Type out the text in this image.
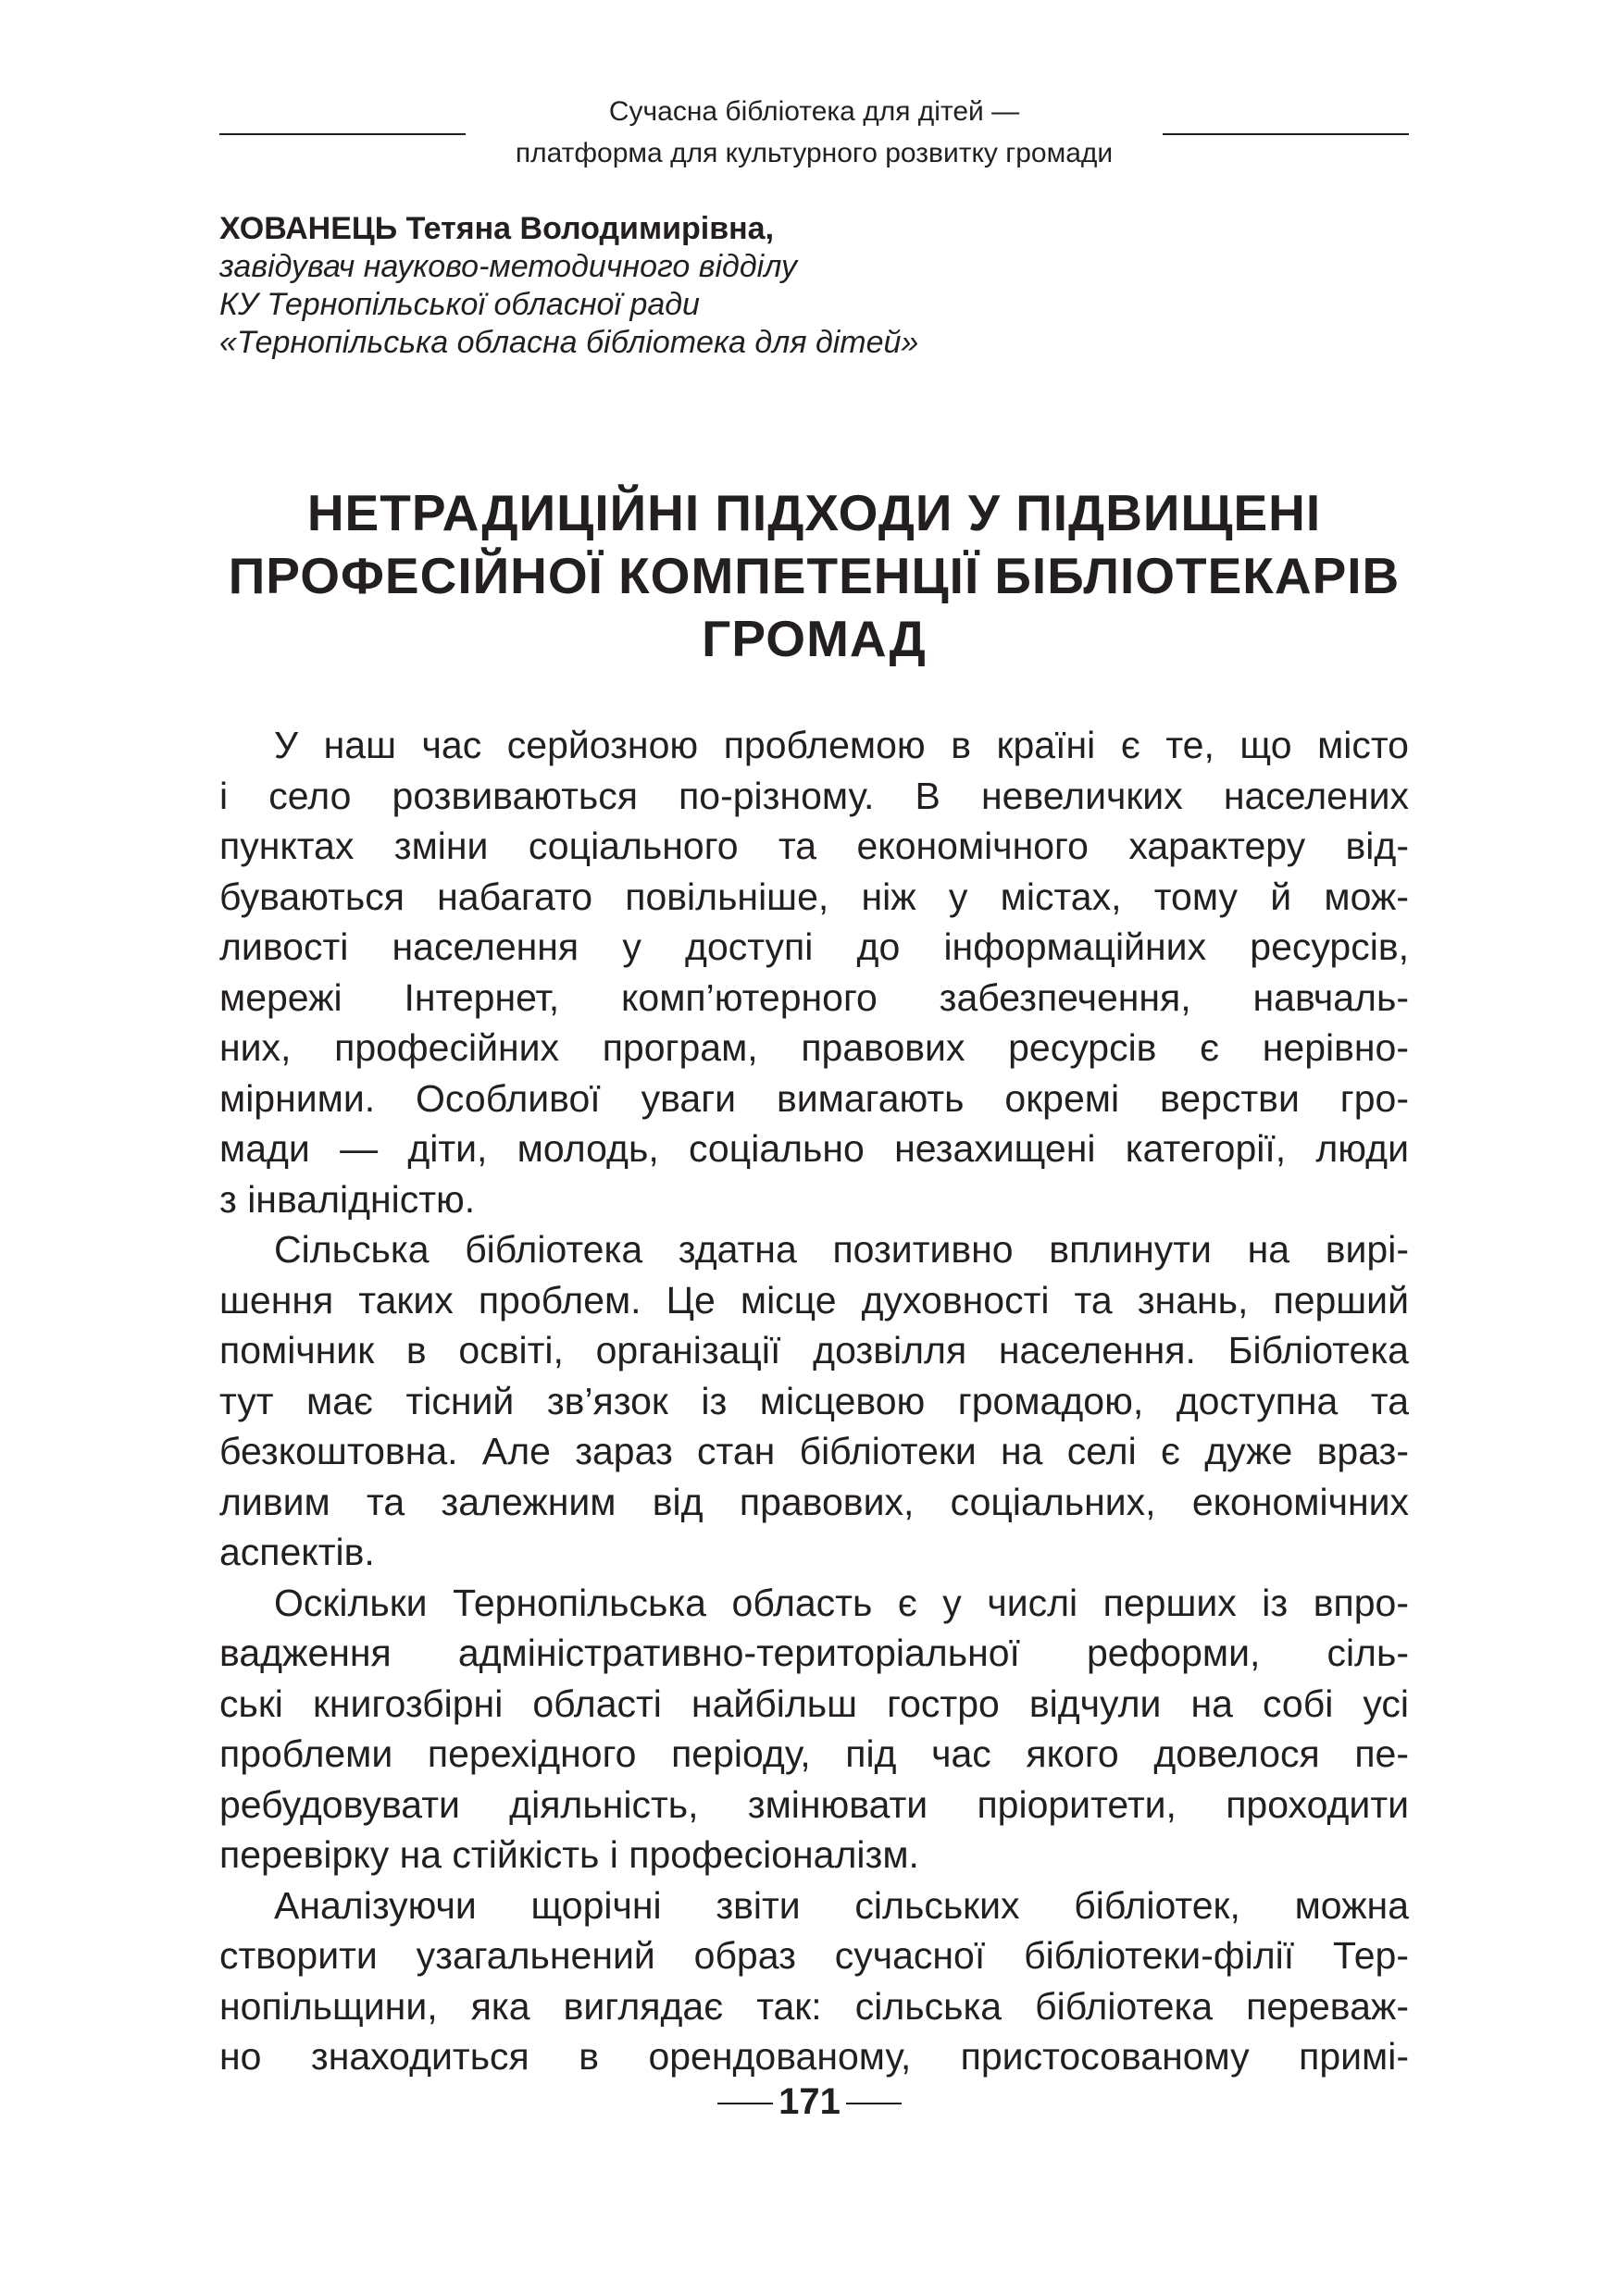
Сучасна бібліотека для дітей —
платформа для культурного розвитку громади
ХОВАНЕЦЬ Тетяна Володимирівна,
завідувач науково-методичного відділу
КУ Тернопільської обласної ради
«Тернопільська обласна бібліотека для дітей»
НЕТРАДИЦІЙНІ ПІДХОДИ У ПІДВИЩЕНІ
ПРОФЕСІЙНОЇ КОМПЕТЕНЦІЇ БІБЛІОТЕКАРІВ
ГРОМАД
У наш час серйозною проблемою в країні є те, що місто
і село розвиваються по-різному. В невеличких населених
пунктах зміни соціального та економічного характеру від-
буваються набагато повільніше, ніж у містах, тому й мож-
ливості населення у доступі до інформаційних ресурсів,
мережі Інтернет, комп’ютерного забезпечення, навчаль-
них, професійних програм, правових ресурсів є нерівно-
мірними. Особливої уваги вимагають окремі верстви гро-
мади — діти, молодь, соціально незахищені категорії, люди
з інвалідністю.
Сільська бібліотека здатна позитивно вплинути на вирі-
шення таких проблем. Це місце духовності та знань, перший
помічник в освіті, організації дозвілля населення. Бібліотека
тут має тісний зв’язок із місцевою громадою, доступна та
безкоштовна. Але зараз стан бібліотеки на селі є дуже враз-
ливим та залежним від правових, соціальних, економічних
аспектів.
Оскільки Тернопільська область є у числі перших із впро-
вадження адміністративно-територіальної реформи, сіль-
ські книгозбірні області найбільш гостро відчули на собі усі
проблеми перехідного періоду, під час якого довелося пе-
ребудовувати діяльність, змінювати пріоритети, проходити
перевірку на стійкість і професіоналізм.
Аналізуючи щорічні звіти сільських бібліотек, можна
створити узагальнений образ сучасної бібліотеки-філії Тер-
нопільщини, яка виглядає так: сільська бібліотека переваж-
но знаходиться в орендованому, пристосованому примі-
171
